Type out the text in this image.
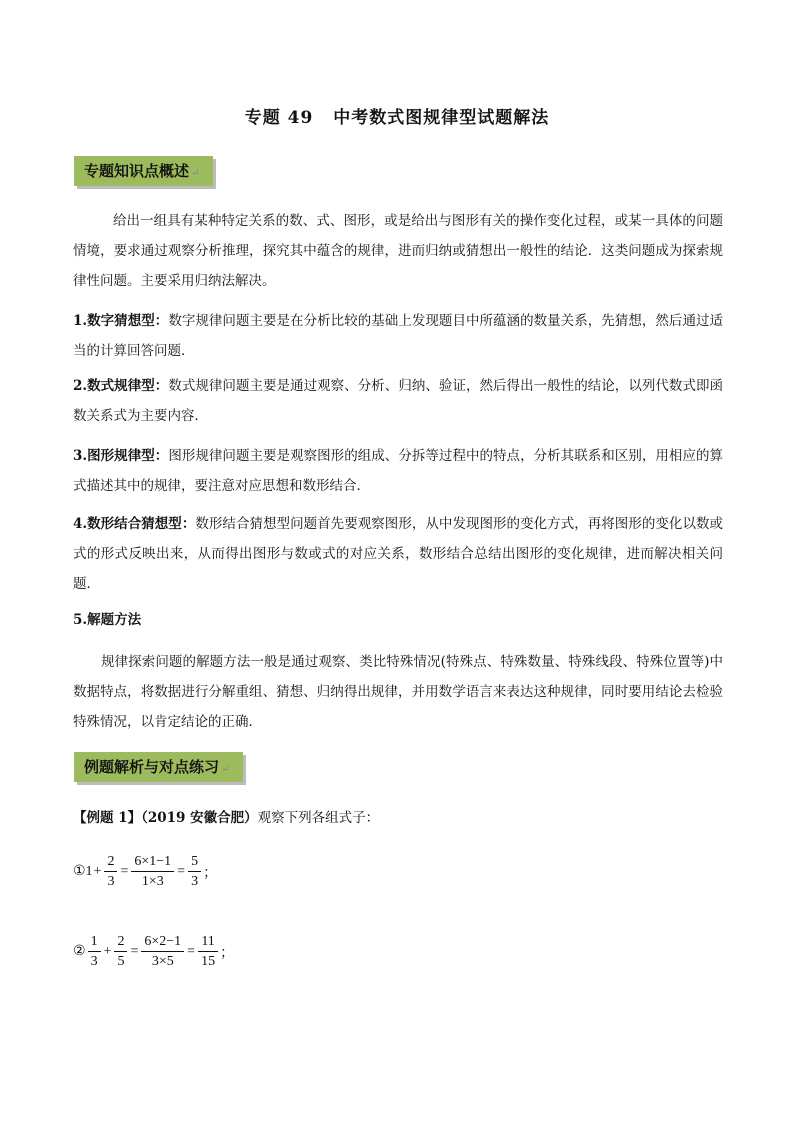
专题 49 中考数式图规律型试题解法
专题知识点概述 ↵
给出一组具有某种特定关系的数、式、图形，或是给出与图形有关的操作变化过程，或某一具体的问题情境，要求通过观察分析推理，探究其中蕴含的规律，进而归纳或猜想出一般性的结论．这类问题成为探索规律性问题。主要采用归纳法解决。
1.数字猜想型：数字规律问题主要是在分析比较的基础上发现题目中所蕴涵的数量关系，先猜想，然后通过适当的计算回答问题．
2.数式规律型：数式规律问题主要是通过观察、分析、归纳、验证，然后得出一般性的结论，以列代数式即函数关系式为主要内容．
3.图形规律型：图形规律问题主要是观察图形的组成、分拆等过程中的特点，分析其联系和区别，用相应的算式描述其中的规律，要注意对应思想和数形结合．
4.数形结合猜想型：数形结合猜想型问题首先要观察图形，从中发现图形的变化方式，再将图形的变化以数或式的形式反映出来，从而得出图形与数或式的对应关系，数形结合总结出图形的变化规律，进而解决相关问题．
5.解题方法
规律探索问题的解题方法一般是通过观察、类比特殊情况(特殊点、特殊数量、特殊线段、特殊位置等)中数据特点，将数据进行分解重组、猜想、归纳得出规律，并用数学语言来表达这种规律，同时要用结论去检验特殊情况，以肯定结论的正确．
例题解析与对点练习 ↵
【例题 1】（2019 安徽合肥）观察下列各组式子：
①1 + $\frac{2}{3} = \frac{6\times 1-1}{1\times 3} = \frac{5}{3}$ ；
② $\frac{1}{3} + \frac{2}{5} = \frac{6\times 2-1}{3\times 5} = \frac{11}{15}$ ；
